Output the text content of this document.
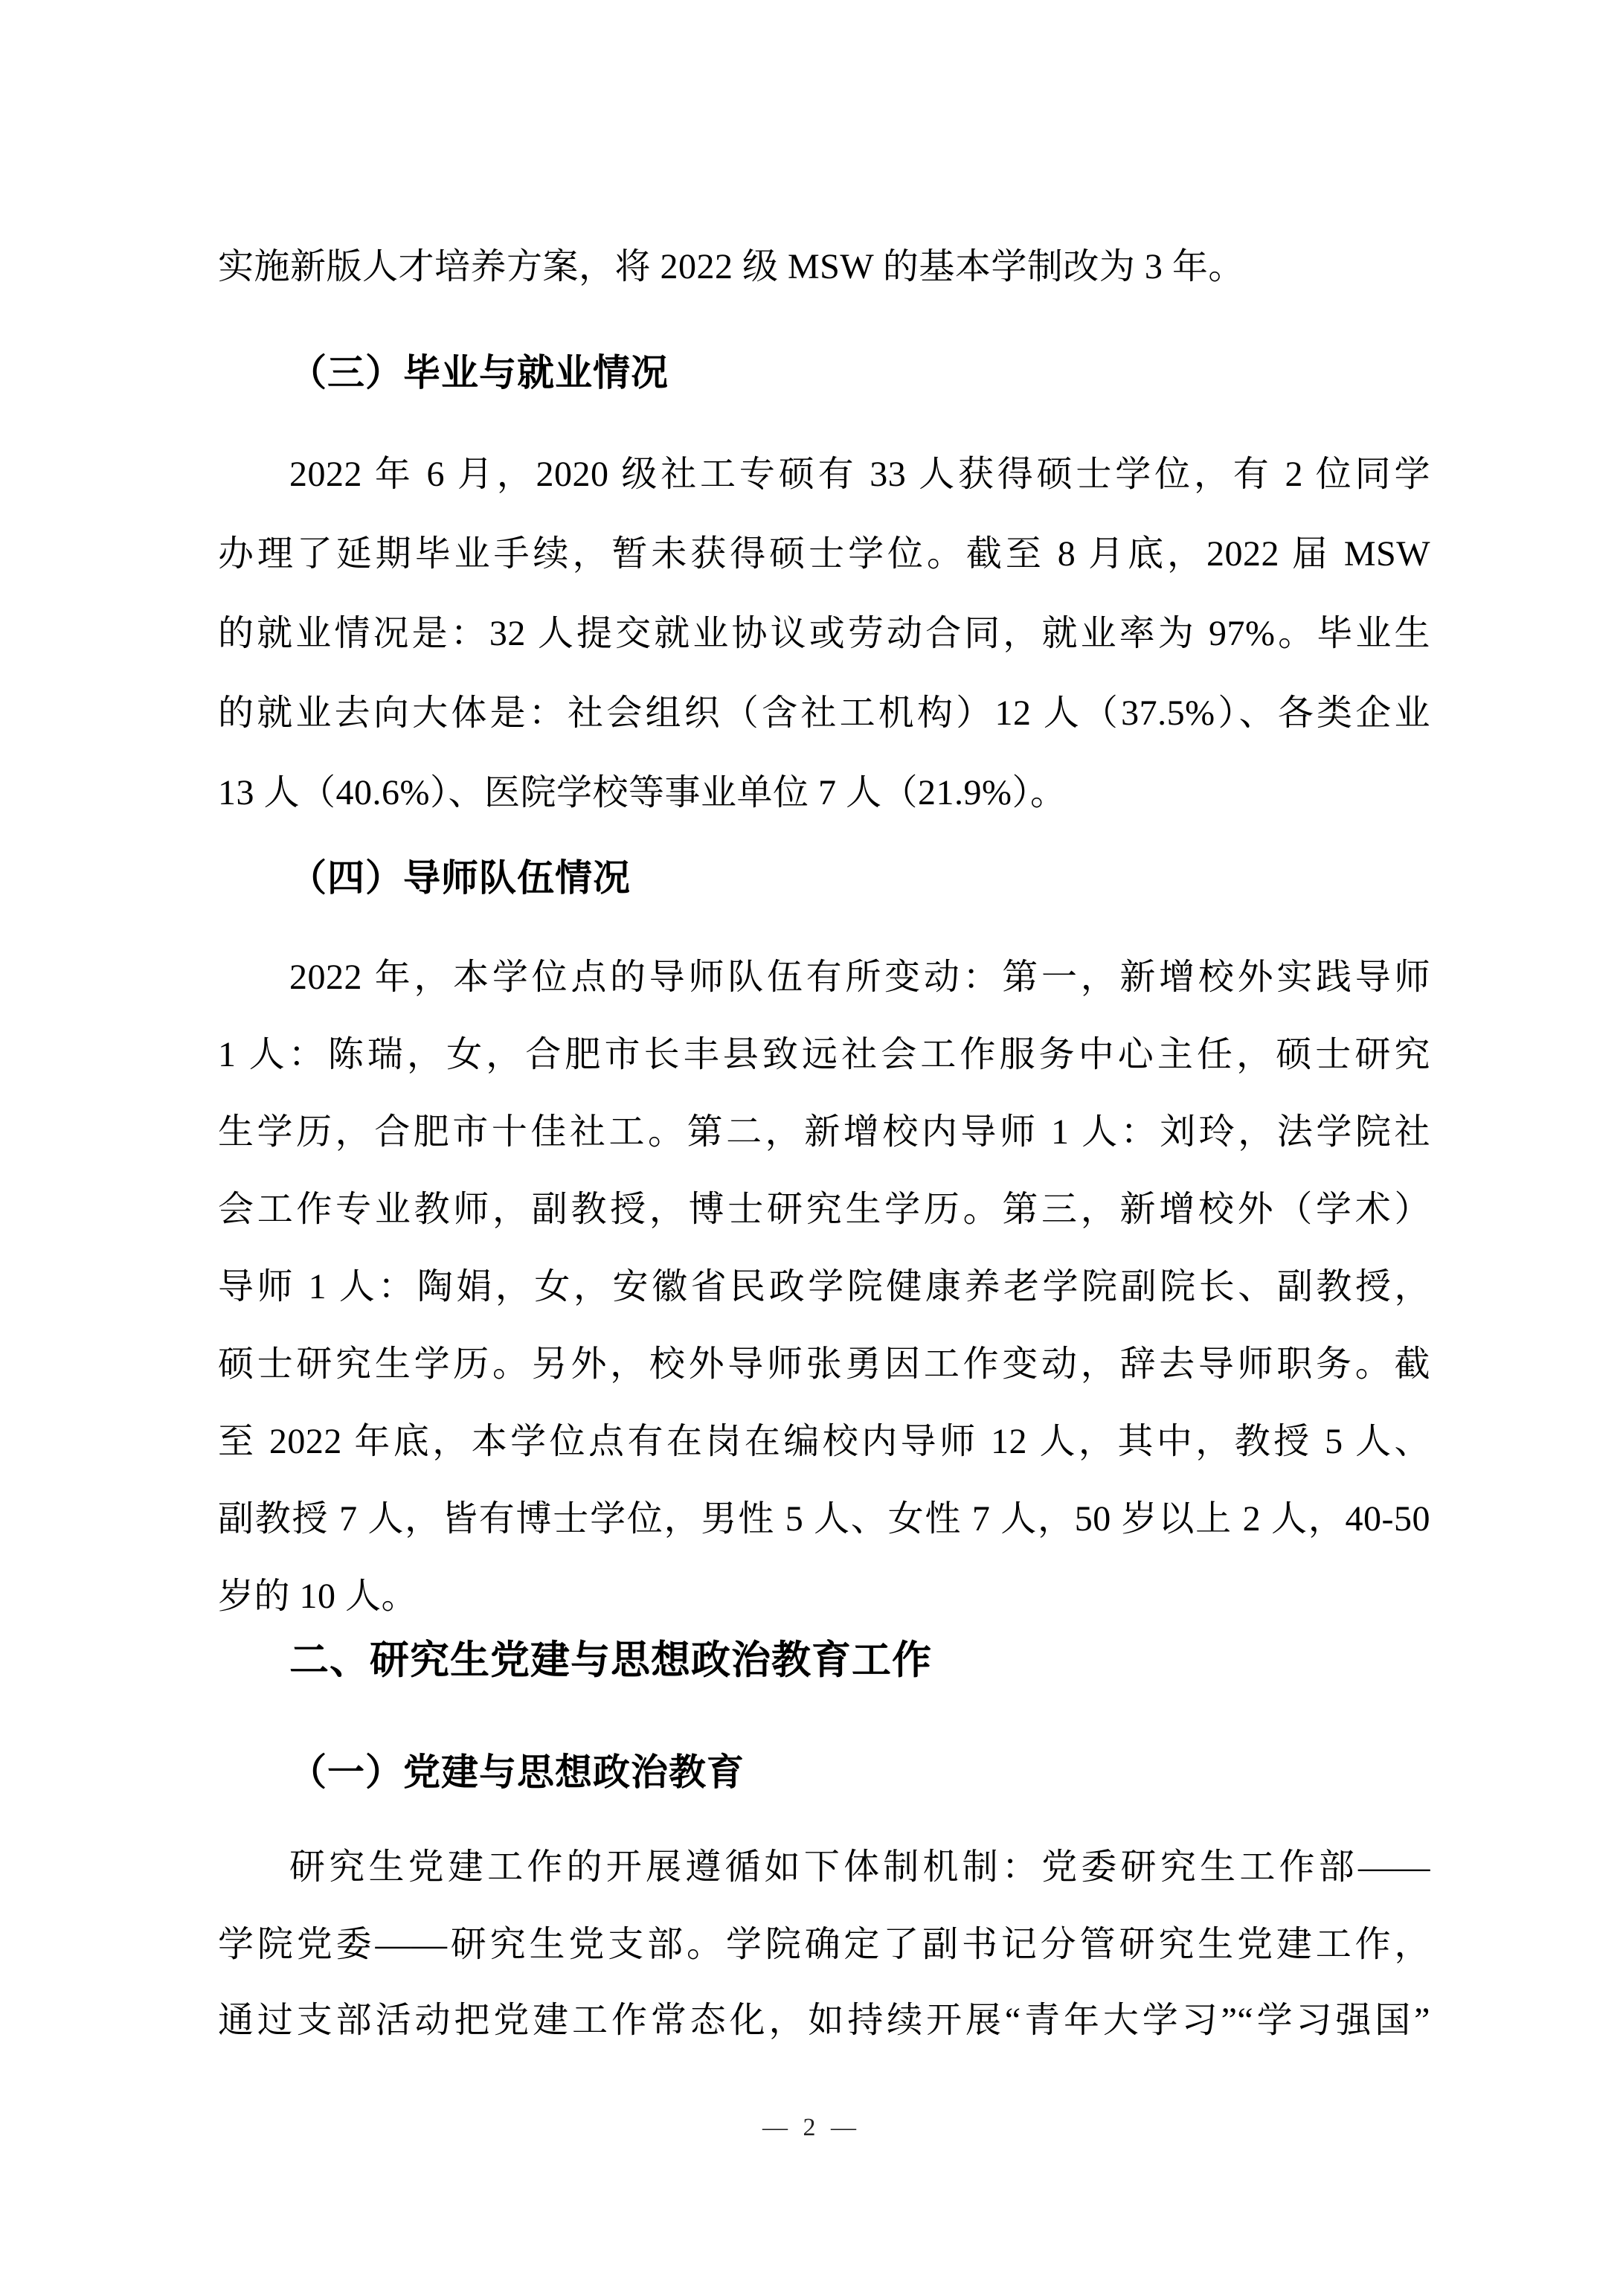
实施新版人才培养方案，将 2022 级 MSW 的基本学制改为 3 年。
（三）毕业与就业情况
2022 年 6 月，2020 级社工专硕有 33 人获得硕士学位，有 2 位同学
办理了延期毕业手续，暂未获得硕士学位。截至 8 月底，2022 届 MSW
的就业情况是：32 人提交就业协议或劳动合同，就业率为 97%。毕业生
的就业去向大体是：社会组织（含社工机构）12 人（37.5%）、各类企业
13 人（40.6%）、医院学校等事业单位 7 人（21.9%）。
（四）导师队伍情况
2022 年，本学位点的导师队伍有所变动：第一，新增校外实践导师
1 人：陈瑞，女，合肥市长丰县致远社会工作服务中心主任，硕士研究
生学历，合肥市十佳社工。第二，新增校内导师 1 人：刘玲，法学院社
会工作专业教师，副教授，博士研究生学历。第三，新增校外（学术）
导师 1 人：陶娟，女，安徽省民政学院健康养老学院副院长、副教授，
硕士研究生学历。另外，校外导师张勇因工作变动，辞去导师职务。截
至 2022 年底，本学位点有在岗在编校内导师 12 人，其中，教授 5 人、
副教授 7 人，皆有博士学位，男性 5 人、女性 7 人，50 岁以上 2 人，40-50
岁的 10 人。
二、研究生党建与思想政治教育工作
（一）党建与思想政治教育
研究生党建工作的开展遵循如下体制机制：党委研究生工作部——
学院党委——研究生党支部。学院确定了副书记分管研究生党建工作，
通过支部活动把党建工作常态化，如持续开展“青年大学习”“学习强国”
— 2 —
